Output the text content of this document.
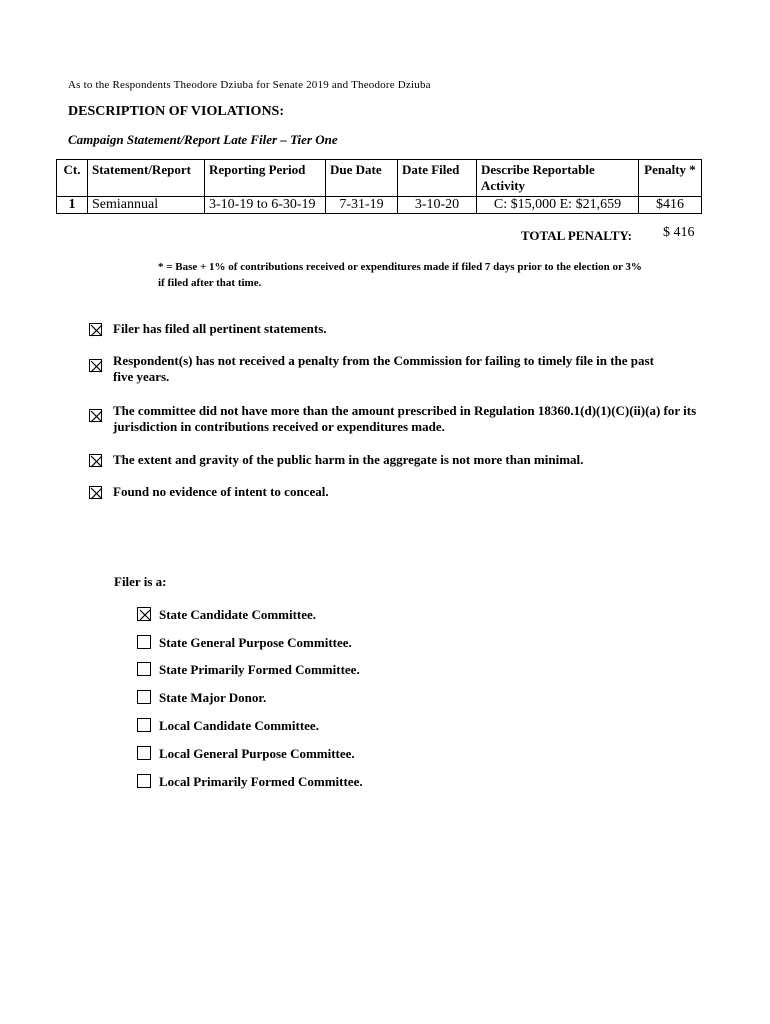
As to the Respondents Theodore Dziuba for Senate 2019 and Theodore Dziuba
DESCRIPTION OF VIOLATIONS:
Campaign Statement/Report Late Filer – Tier One
Ct.	Statement/Report	Reporting Period	Due Date	Date Filed	Describe Reportable Activity	Penalty *
1	Semiannual	3-10-19 to 6-30-19	7-31-19	3-10-20	C: $15,000 E: $21,659	$416
TOTAL PENALTY: $ 416
* = Base + 1% of contributions received or expenditures made if filed 7 days prior to the election or 3% if filed after that time.
Filer has filed all pertinent statements.
Respondent(s) has not received a penalty from the Commission for failing to timely file in the past five years.
The committee did not have more than the amount prescribed in Regulation 18360.1(d)(1)(C)(ii)(a) for its jurisdiction in contributions received or expenditures made.
The extent and gravity of the public harm in the aggregate is not more than minimal.
Found no evidence of intent to conceal.
Filer is a:
State Candidate Committee.
State General Purpose Committee.
State Primarily Formed Committee.
State Major Donor.
Local Candidate Committee.
Local General Purpose Committee.
Local Primarily Formed Committee.
